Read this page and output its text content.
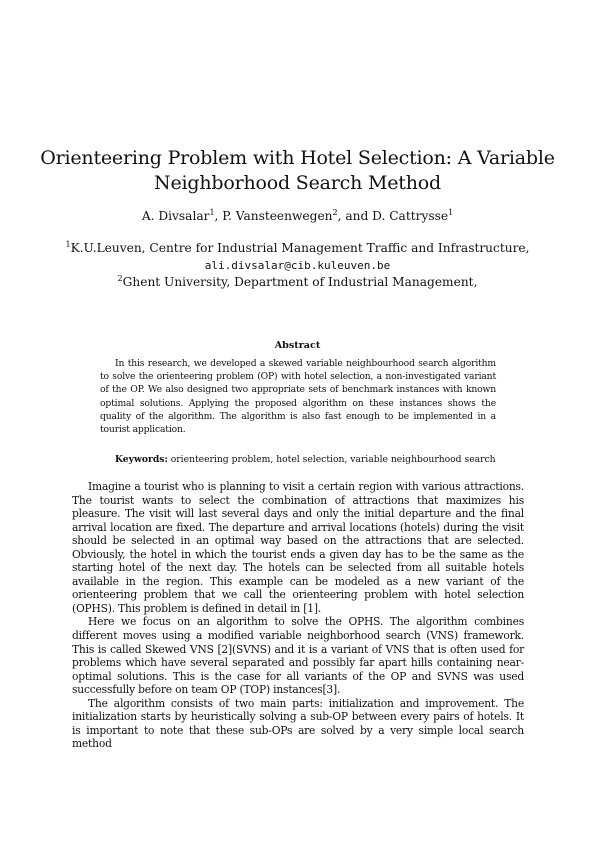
Orienteering Problem with Hotel Selection: A Variable Neighborhood Search Method
A. Divsalar$^1$, P. Vansteenwegen$^2$, and D. Cattrysse$^1$
$^1$K.U.Leuven, Centre for Industrial Management Traffic and Infrastructure, ali.divsalar@cib.kuleuven.be
$^2$Ghent University, Department of Industrial Management,
Abstract

In this research, we developed a skewed variable neighbourhood search algorithm to solve the orienteering problem (OP) with hotel selection, a non-investigated variant of the OP. We also designed two appropriate sets of benchmark instances with known optimal solutions. Applying the proposed algorithm on these instances shows the quality of the algorithm. The algorithm is also fast enough to be implemented in a tourist application.

Keywords: orienteering problem, hotel selection, variable neighbourhood search

Imagine a tourist who is planning to visit a certain region with various attractions. The tourist wants to select the combination of attractions that maximizes his pleasure. The visit will last several days and only the initial departure and the final arrival location are fixed. The departure and arrival locations (hotels) during the visit should be selected in an optimal way based on the attractions that are selected. Obviously, the hotel in which the tourist ends a given day has to be the same as the starting hotel of the next day. The hotels can be selected from all suitable hotels available in the region. This example can be modeled as a new variant of the orienteering problem that we call the orienteering problem with hotel selection (OPHS). This problem is defined in detail in [1].

Here we focus on an algorithm to solve the OPHS. The algorithm combines different moves using a modified variable neighborhood search (VNS) framework. This is called Skewed VNS [2](SVNS) and it is a variant of VNS that is often used for problems which have several separated and possibly far apart hills containing near-optimal solutions. This is the case for all variants of the OP and SVNS was used successfully before on team OP (TOP) instances[3].

The algorithm consists of two main parts: initialization and improvement. The initialization starts by heuristically solving a sub-OP between every pairs of hotels. It is important to note that these sub-OPs are solved by a very simple local search method
